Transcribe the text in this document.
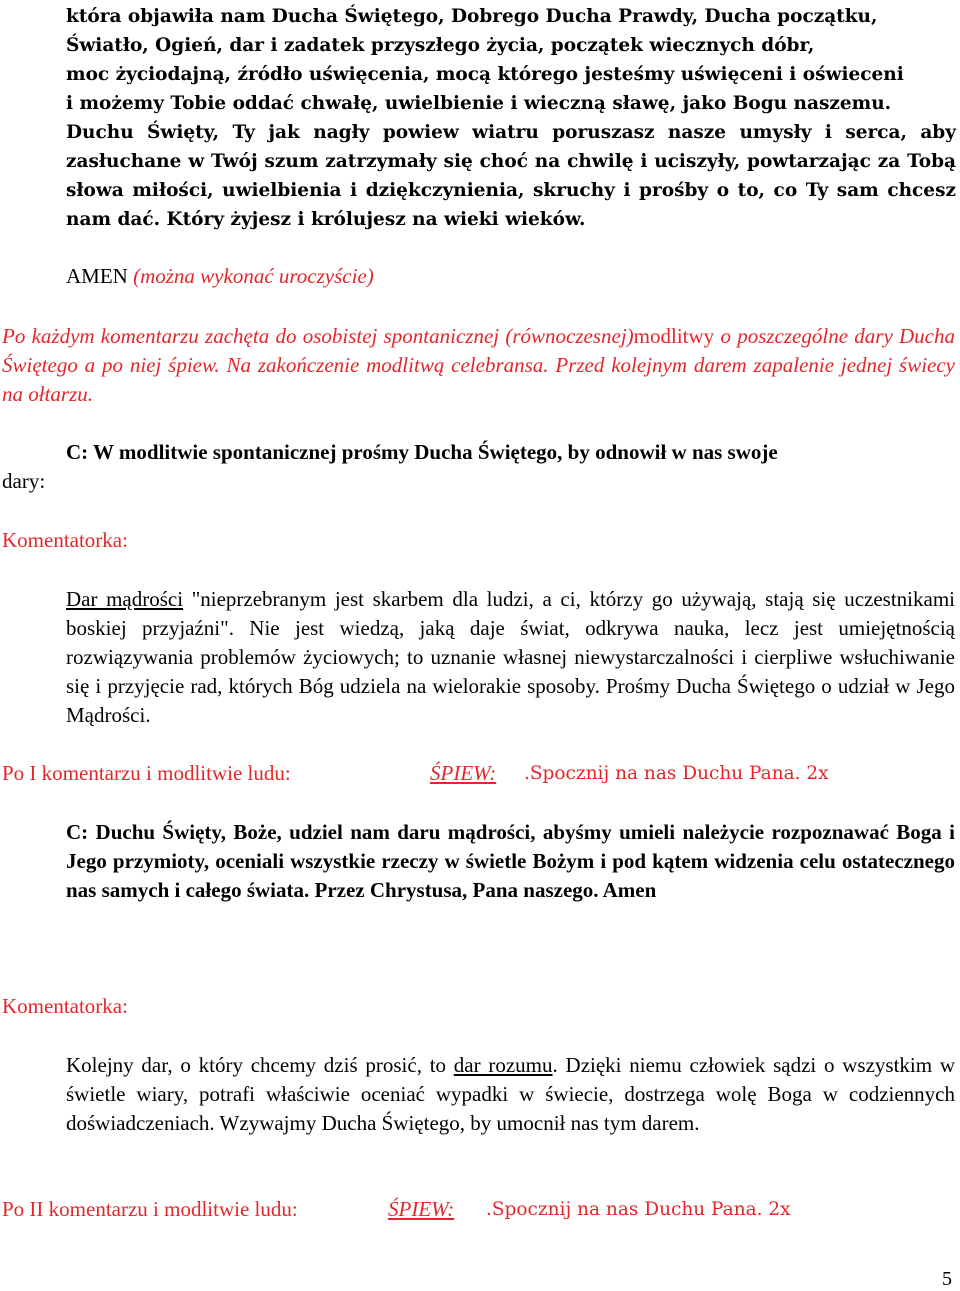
która objawiła nam Ducha Świętego, Dobrego Ducha Prawdy, Ducha początku,
Światło, Ogień, dar i zadatek przyszłego życia, początek wiecznych dóbr,
moc życiodajną, źródło uświęcenia, mocą którego jesteśmy uświęceni i oświeceni
i możemy Tobie oddać chwałę, uwielbienie i wieczną sławę, jako Bogu naszemu.
Duchu Święty, Ty jak nagły powiew wiatru poruszasz nasze umysły i serca, aby zasłuchane w Twój szum zatrzymały się choć na chwilę i uciszyły, powtarzając za Tobą słowa miłości, uwielbienia i dziękczynienia, skruchy i prośby o to, co Ty sam chcesz nam dać. Który żyjesz i królujesz na wieki wieków.
AMEN (można wykonać uroczyście)
Po każdym komentarzu zachęta do osobistej spontanicznej (równoczesnej)modlitwy o poszczególne dary Ducha Świętego a po niej śpiew. Na zakończenie modlitwą celebransa. Przed kolejnym darem zapalenie jednej świecy na ołtarzu.
C: W modlitwie spontanicznej prośmy Ducha Świętego, by odnowił w nas swoje
dary:
Komentatorka:
Dar mądrości "nieprzebranym jest skarbem dla ludzi, a ci, którzy go używają, stają się uczestnikami boskiej przyjaźni". Nie jest wiedzą, jaką daje świat, odkrywa nauka, lecz jest umiejętnością rozwiązywania problemów życiowych; to uznanie własnej niewystarczalności i cierpliwe wsłuchiwanie się i przyjęcie rad, których Bóg udziela na wielorakie sposoby. Prośmy Ducha Świętego o udział w Jego Mądrości.
Po I komentarzu i modlitwie ludu:	ŚPIEW: .Spocznij na nas Duchu Pana. 2x
C: Duchu Święty, Boże, udziel nam daru mądrości, abyśmy umieli należycie rozpoznawać Boga i Jego przymioty, oceniali wszystkie rzeczy w świetle Bożym i pod kątem widzenia celu ostatecznego nas samych i całego świata. Przez Chrystusa, Pana naszego. Amen
Komentatorka:
Kolejny dar, o który chcemy dziś prosić, to dar rozumu. Dzięki niemu człowiek sądzi o wszystkim w świetle wiary, potrafi właściwie oceniać wypadki w świecie, dostrzega wolę Boga w codziennych doświadczeniach. Wzywajmy Ducha Świętego, by umocnił nas tym darem.
Po II komentarzu i modlitwie ludu:	ŚPIEW: .Spocznij na nas Duchu Pana. 2x
5
